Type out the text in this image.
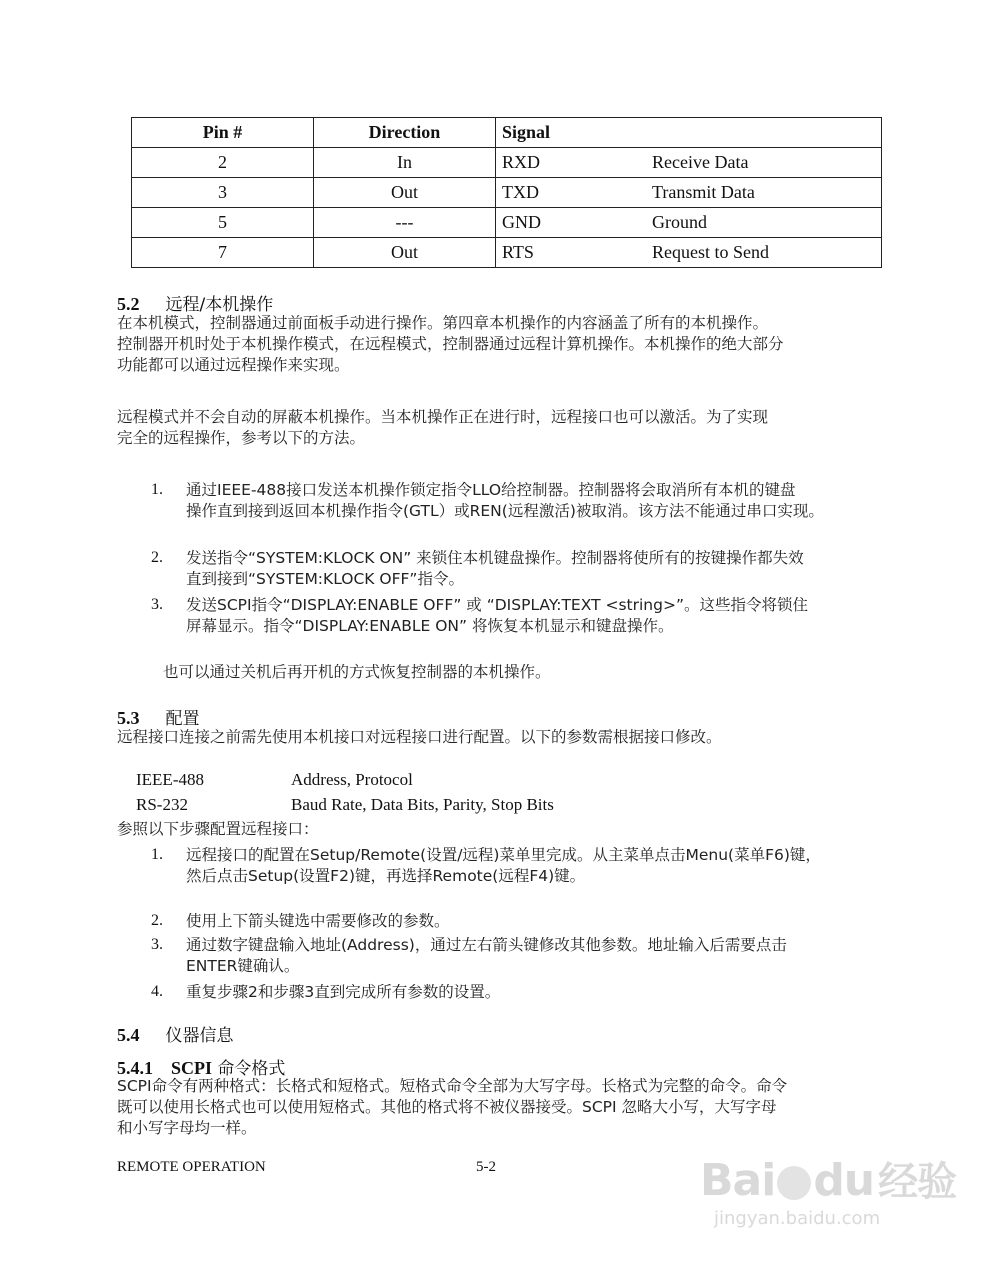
Pin #	Direction	Signal
2	In	RXD Receive Data
3	Out	TXD Transmit Data
5	---	GND Ground
7	Out	RTS Request to Send
5.2 远程/本机操作
在本机模式，控制器通过前面板手动进行操作。第四章本机操作的内容涵盖了所有的本机操作。
控制器开机时处于本机操作模式，在远程模式，控制器通过远程计算机操作。本机操作的绝大部分
功能都可以通过远程操作来实现。
远程模式并不会自动的屏蔽本机操作。当本机操作正在进行时，远程接口也可以激活。为了实现
完全的远程操作，参考以下的方法。
1. 通过IEEE-488接口发送本机操作锁定指令LLO给控制器。控制器将会取消所有本机的键盘
操作直到接到返回本机操作指令(GTL）或REN(远程激活)被取消。该方法不能通过串口实现。
2. 发送指令“SYSTEM:KLOCK ON” 来锁住本机键盘操作。控制器将使所有的按键操作都失效
直到接到“SYSTEM:KLOCK OFF”指令。
3. 发送SCPI指令“DISPLAY:ENABLE OFF” 或 “DISPLAY:TEXT <string>”。这些指令将锁住
屏幕显示。指令“DISPLAY:ENABLE ON” 将恢复本机显示和键盘操作。
也可以通过关机后再开机的方式恢复控制器的本机操作。
5.3 配置
远程接口连接之前需先使用本机接口对远程接口进行配置。以下的参数需根据接口修改。
IEEE-488	Address, Protocol
RS-232	Baud Rate, Data Bits, Parity, Stop Bits
参照以下步骤配置远程接口：
1. 远程接口的配置在Setup/Remote(设置/远程)菜单里完成。从主菜单点击Menu(菜单F6)键，
然后点击Setup(设置F2)键，再选择Remote(远程F4)键。
2. 使用上下箭头键选中需要修改的参数。
3. 通过数字键盘输入地址(Address)，通过左右箭头键修改其他参数。地址输入后需要点击
ENTER键确认。
4. 重复步骤2和步骤3直到完成所有参数的设置。
5.4 仪器信息
5.4.1 SCPI 命令格式
SCPI命令有两种格式：长格式和短格式。短格式命令全部为大写字母。长格式为完整的命令。命令
既可以使用长格式也可以使用短格式。其他的格式将不被仪器接受。SCPI 忽略大小写，大写字母
和小写字母均一样。
REMOTE OPERATION	5-2	Bai du 经验
jingyan.baidu.com
